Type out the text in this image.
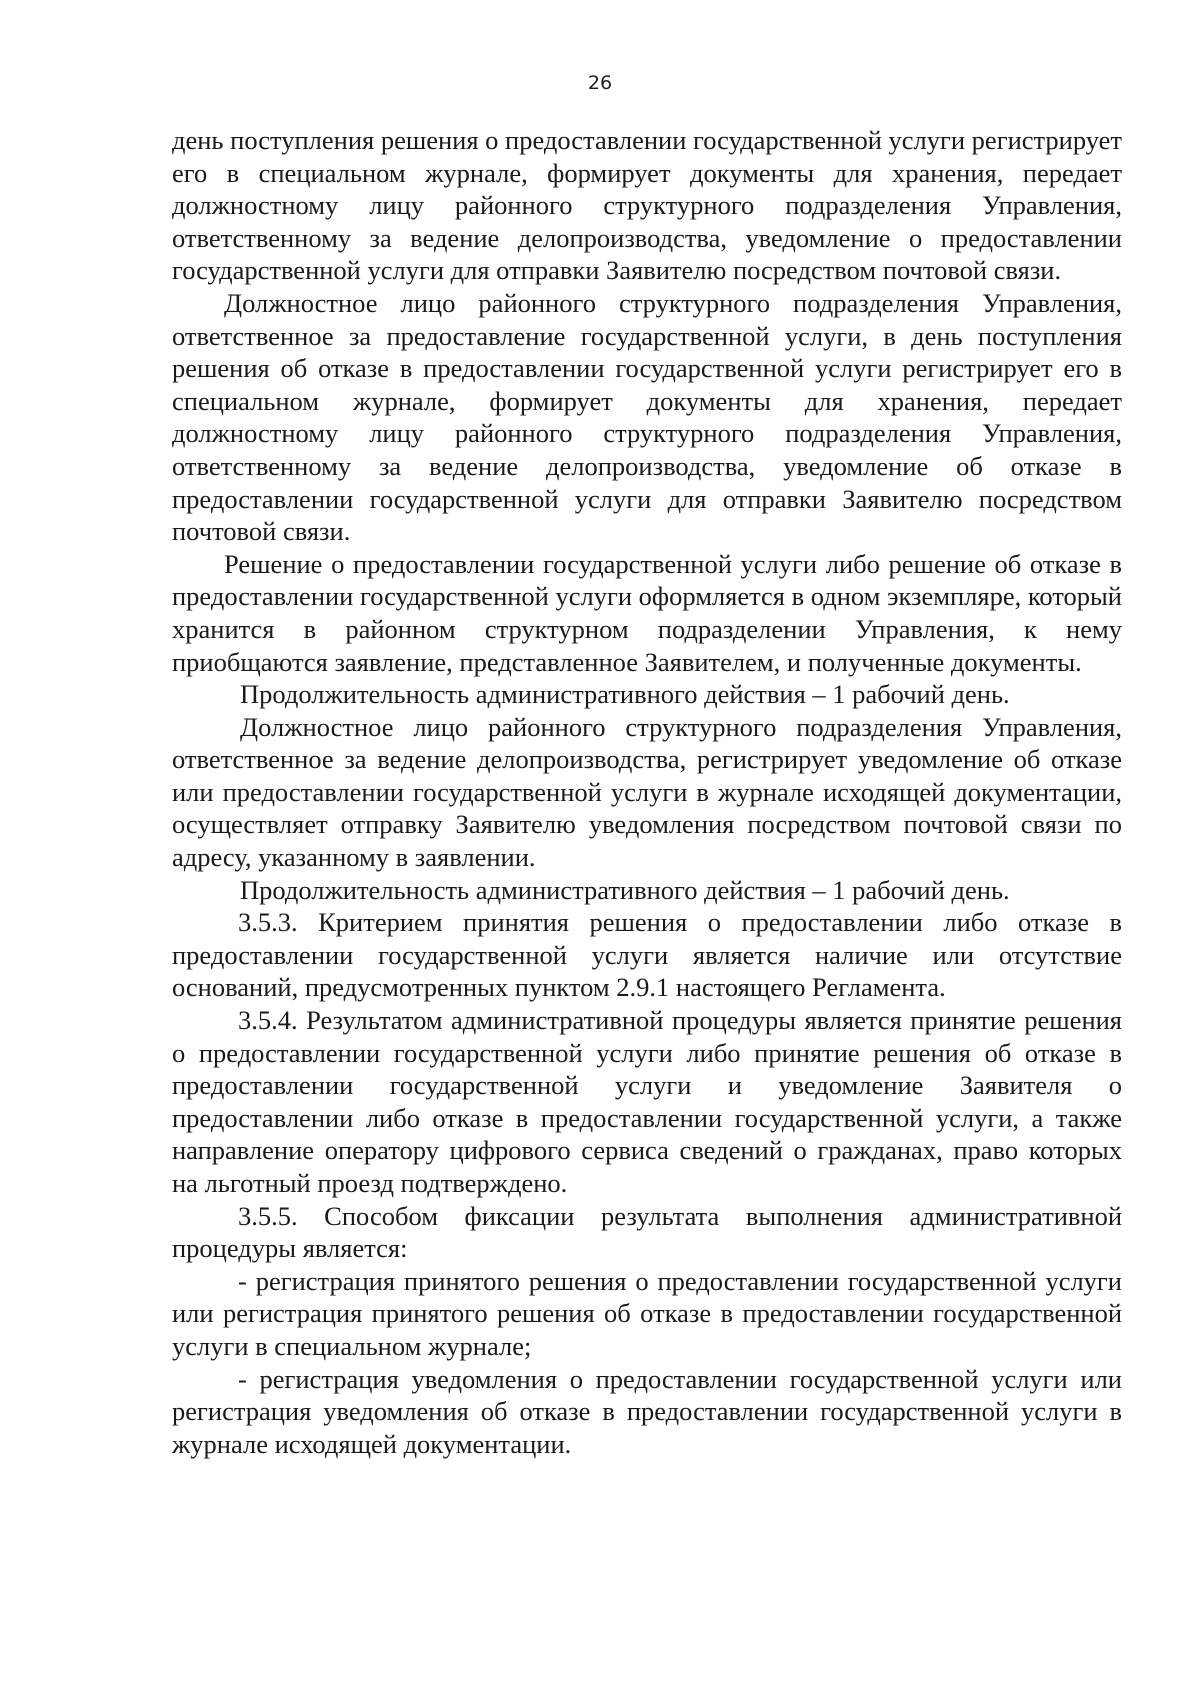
26

день поступления решения о предоставлении государственной услуги регистрирует его в специальном журнале, формирует документы для хранения, передает должностному лицу районного структурного подразделения Управления, ответственному за ведение делопроизводства, уведомление о предоставлении государственной услуги для отправки Заявителю посредством почтовой связи.

Должностное лицо районного структурного подразделения Управления, ответственное за предоставление государственной услуги, в день поступления решения об отказе в предоставлении государственной услуги регистрирует его в специальном журнале, формирует документы для хранения, передает должностному лицу районного структурного подразделения Управления, ответственному за ведение делопроизводства, уведомление об отказе в предоставлении государственной услуги для отправки Заявителю посредством почтовой связи.

Решение о предоставлении государственной услуги либо решение об отказе в предоставлении государственной услуги оформляется в одном экземпляре, который хранится в районном структурном подразделении Управления, к нему приобщаются заявление, представленное Заявителем, и полученные документы.

Продолжительность административного действия – 1 рабочий день.

Должностное лицо районного структурного подразделения Управления, ответственное за ведение делопроизводства, регистрирует уведомление об отказе или предоставлении государственной услуги в журнале исходящей документации, осуществляет отправку Заявителю уведомления посредством почтовой связи по адресу, указанному в заявлении.

Продолжительность административного действия – 1 рабочий день.

3.5.3. Критерием принятия решения о предоставлении либо отказе в предоставлении государственной услуги является наличие или отсутствие оснований, предусмотренных пунктом 2.9.1 настоящего Регламента.

3.5.4. Результатом административной процедуры является принятие решения о предоставлении государственной услуги либо принятие решения об отказе в предоставлении государственной услуги и уведомление Заявителя о предоставлении либо отказе в предоставлении государственной услуги, а также направление оператору цифрового сервиса сведений о гражданах, право которых на льготный проезд подтверждено.

3.5.5. Способом фиксации результата выполнения административной процедуры является:

- регистрация принятого решения о предоставлении государственной услуги или регистрация принятого решения об отказе в предоставлении государственной услуги в специальном журнале;

- регистрация уведомления о предоставлении государственной услуги или регистрация уведомления об отказе в предоставлении государственной услуги в журнале исходящей документации.
